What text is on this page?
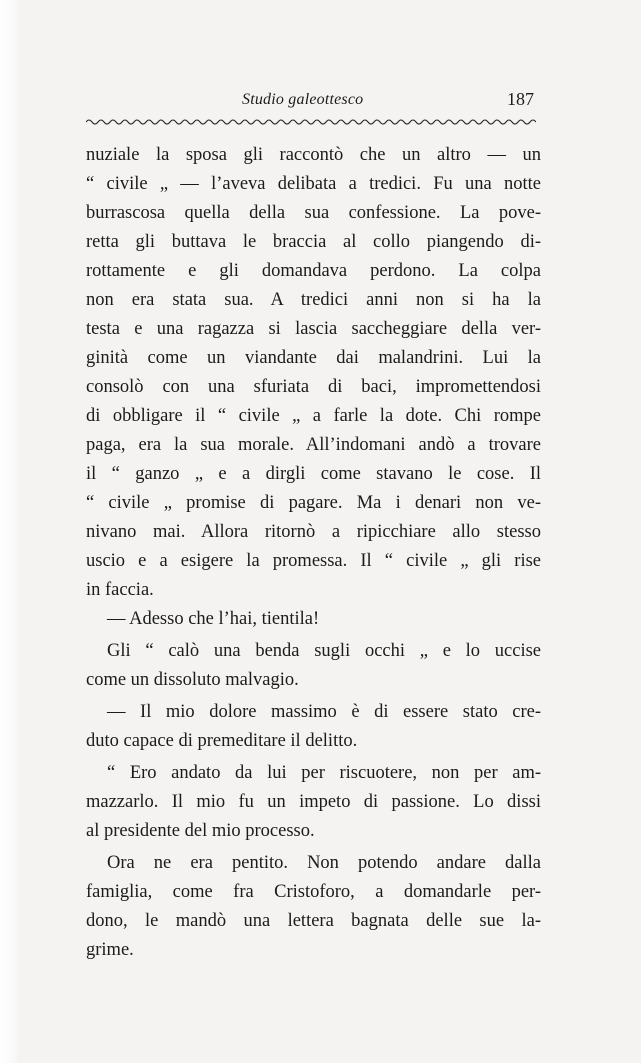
Studio galeottesco	187
nuziale la sposa gli raccontò che un altro — un
“ civile „ — l’aveva delibata a tredici. Fu una notte
burrascosa quella della sua confessione. La pove-
retta gli buttava le braccia al collo piangendo di-
rottamente e gli domandava perdono. La colpa
non era stata sua. A tredici anni non si ha la
testa e una ragazza si lascia saccheggiare della ver-
ginità come un viandante dai malandrini. Lui la
consolò con una sfuriata di baci, impromettendosi
di obbligare il “ civile „ a farle la dote. Chi rompe
paga, era la sua morale. All’indomani andò a trovare
il “ ganzo „ e a dirgli come stavano le cose. Il
“ civile „ promise di pagare. Ma i denari non ve-
nivano mai. Allora ritornò a ripicchiare allo stesso
uscio e a esigere la promessa. Il “ civile „ gli rise
in faccia.
— Adesso che l’hai, tientila!
Gli “ calò una benda sugli occhi „ e lo uccise
come un dissoluto malvagio.
— Il mio dolore massimo è di essere stato cre-
duto capace di premeditare il delitto.
“ Ero andato da lui per riscuotere, non per am-
mazzarlo. Il mio fu un impeto di passione. Lo dissi
al presidente del mio processo.
Ora ne era pentito. Non potendo andare dalla
famiglia, come fra Cristoforo, a domandarle per-
dono, le mandò una lettera bagnata delle sue la-
grime.
